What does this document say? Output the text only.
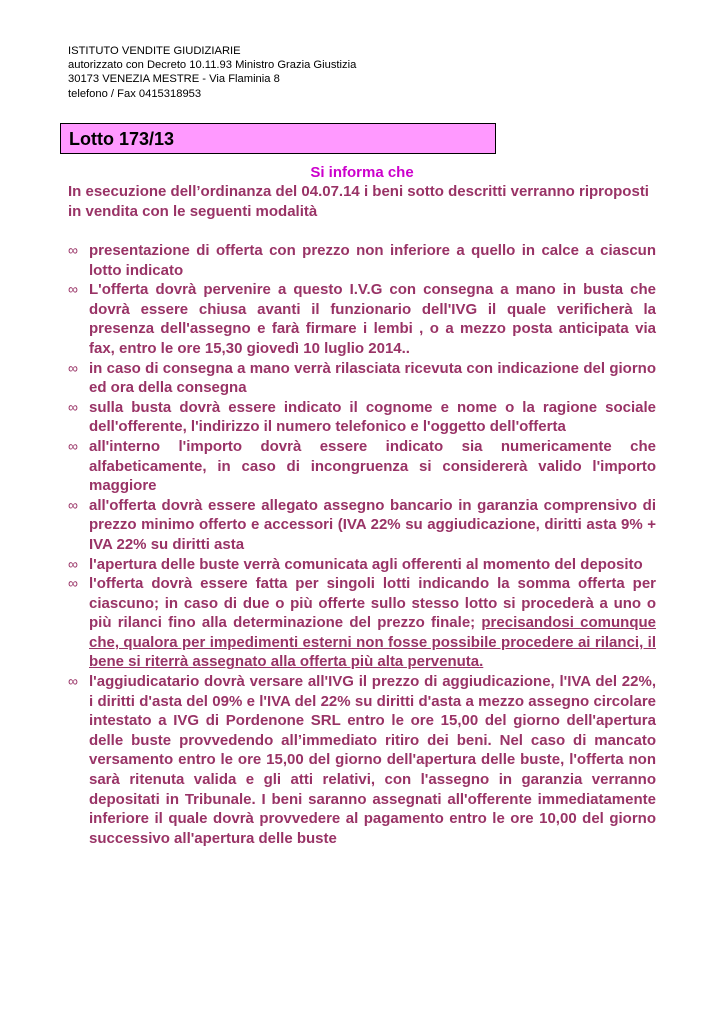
ISTITUTO VENDITE GIUDIZIARIE
autorizzato con Decreto 10.11.93 Ministro Grazia Giustizia
30173 VENEZIA MESTRE - Via Flaminia 8
telefono / Fax 0415318953
Lotto 173/13
Si informa che
In esecuzione dell’ordinanza del 04.07.14 i beni sotto descritti verranno riproposti in vendita con le seguenti modalità
∞ presentazione di offerta con prezzo non inferiore a quello in calce a ciascun lotto indicato
∞ L'offerta dovrà pervenire a questo I.V.G con consegna a mano in busta che dovrà essere chiusa avanti il funzionario dell'IVG il quale verificherà la presenza dell'assegno e farà firmare i lembi , o a mezzo posta anticipata via fax, entro le ore 15,30 giovedì 10 luglio 2014..
∞ in caso di consegna a mano verrà rilasciata ricevuta con indicazione del giorno ed ora della consegna
∞ sulla busta dovrà essere indicato il cognome e nome o la ragione sociale dell'offerente, l'indirizzo il numero telefonico e l'oggetto dell'offerta
∞ all'interno l'importo dovrà essere indicato sia numericamente che alfabeticamente, in caso di incongruenza si considererà valido l'importo maggiore
∞ all'offerta dovrà essere allegato assegno bancario in garanzia comprensivo di prezzo minimo offerto e accessori (IVA 22% su aggiudicazione, diritti asta 9% + IVA 22% su diritti asta
∞ l'apertura delle buste verrà comunicata agli offerenti al momento del deposito
∞ l'offerta dovrà essere fatta per singoli lotti indicando la somma offerta per ciascuno; in caso di due o più offerte sullo stesso lotto si procederà a uno o più rilanci fino alla determinazione del prezzo finale; precisandosi comunque che, qualora per impedimenti esterni non fosse possibile procedere ai rilanci, il bene si riterrà assegnato alla offerta più alta pervenuta.
∞ l'aggiudicatario dovrà versare all'IVG il prezzo di aggiudicazione, l'IVA del 22%, i diritti d'asta del 09% e l'IVA del 22% su diritti d'asta a mezzo assegno circolare intestato a IVG di Pordenone SRL entro le ore 15,00 del giorno dell'apertura delle buste provvedendo all’immediato ritiro dei beni. Nel caso di mancato versamento entro le ore 15,00 del giorno dell'apertura delle buste, l'offerta non sarà ritenuta valida e gli atti relativi, con l'assegno in garanzia verranno depositati in Tribunale. I beni saranno assegnati all'offerente immediatamente inferiore il quale dovrà provvedere al pagamento entro le ore 10,00 del giorno successivo all'apertura delle buste
